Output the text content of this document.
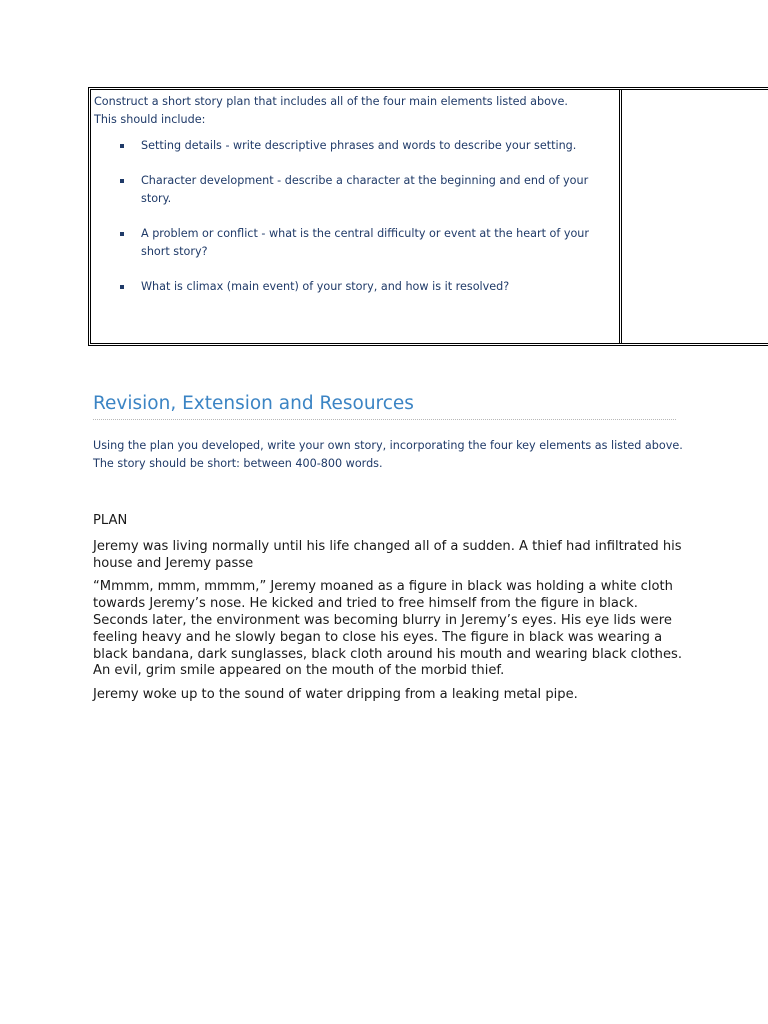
Construct a short story plan that includes all of the four main elements listed above.
This should include:

Setting details - write descriptive phrases and words to describe your setting.
Character development - describe a character at the beginning and end of your story.
A problem or conflict - what is the central difficulty or event at the heart of your short story?
What is climax (main event) of your story, and how is it resolved?
Revision, Extension and Resources

Using the plan you developed, write your own story, incorporating the four key elements as listed above.
The story should be short: between 400-800 words.

PLAN

Jeremy was living normally until his life changed all of a sudden. A thief had infiltrated his house and Jeremy passe

“Mmmm, mmm, mmmm,” Jeremy moaned as a figure in black was holding a white cloth towards Jeremy’s nose. He kicked and tried to free himself from the figure in black. Seconds later, the environment was becoming blurry in Jeremy’s eyes. His eye lids were feeling heavy and he slowly began to close his eyes. The figure in black was wearing a black bandana, dark sunglasses, black cloth around his mouth and wearing black clothes. An evil, grim smile appeared on the mouth of the morbid thief.

Jeremy woke up to the sound of water dripping from a leaking metal pipe.
